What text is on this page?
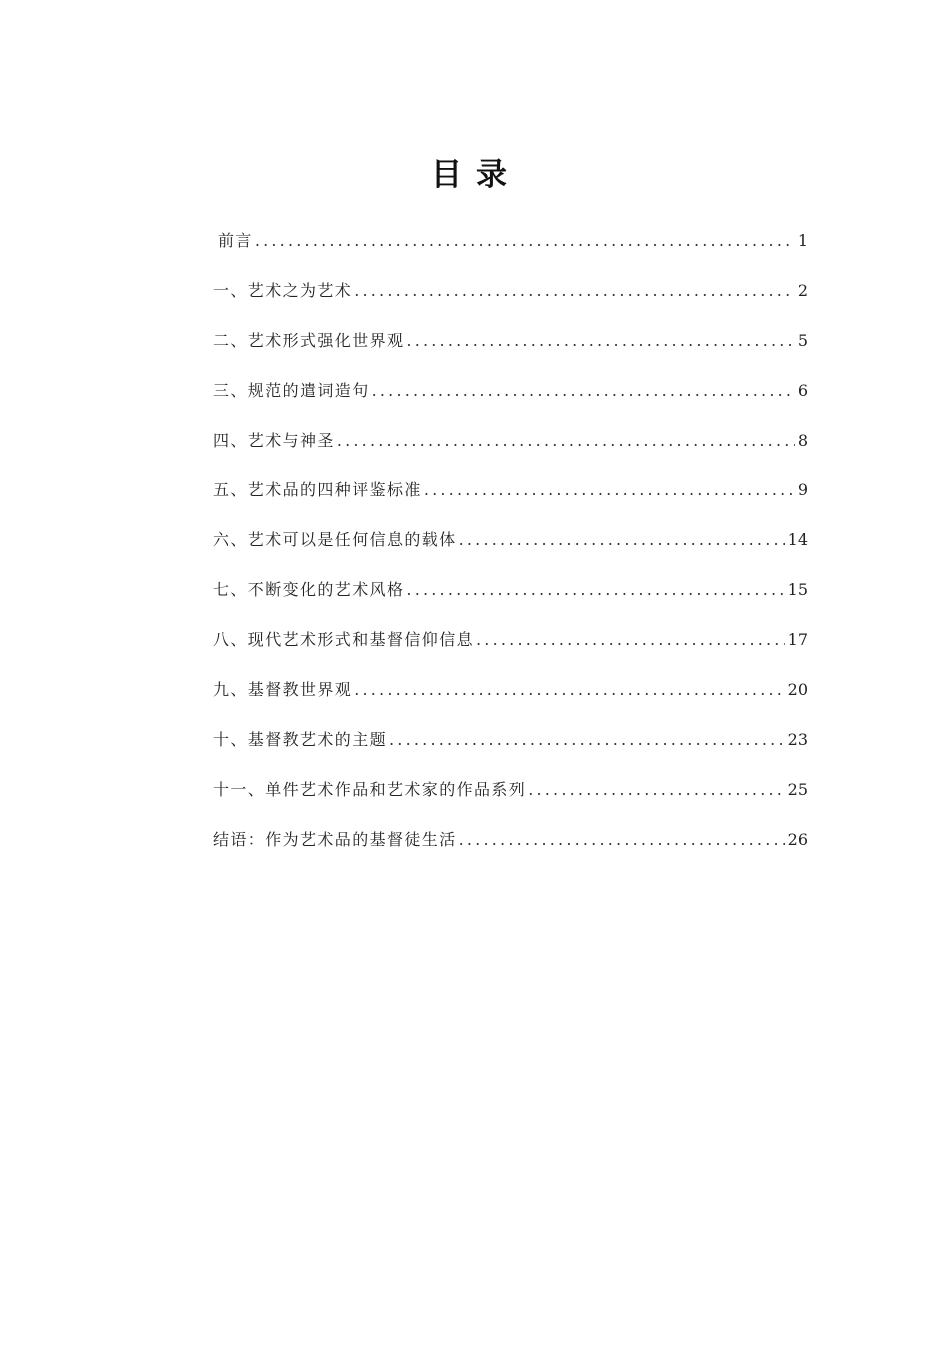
目录
前言 .....	1
一、艺术之为艺术 .....	2
二、艺术形式强化世界观 .....	5
三、规范的遣词造句 .....	6
四、艺术与神圣 .....	8
五、艺术品的四种评鉴标准 .....	9
六、艺术可以是任何信息的载体 .....	14
七、不断变化的艺术风格 .....	15
八、现代艺术形式和基督信仰信息 .....	17
九、基督教世界观 .....	20
十、基督教艺术的主题 .....	23
十一、单件艺术作品和艺术家的作品系列 .....	25
结语：作为艺术品的基督徒生活 .....	26
